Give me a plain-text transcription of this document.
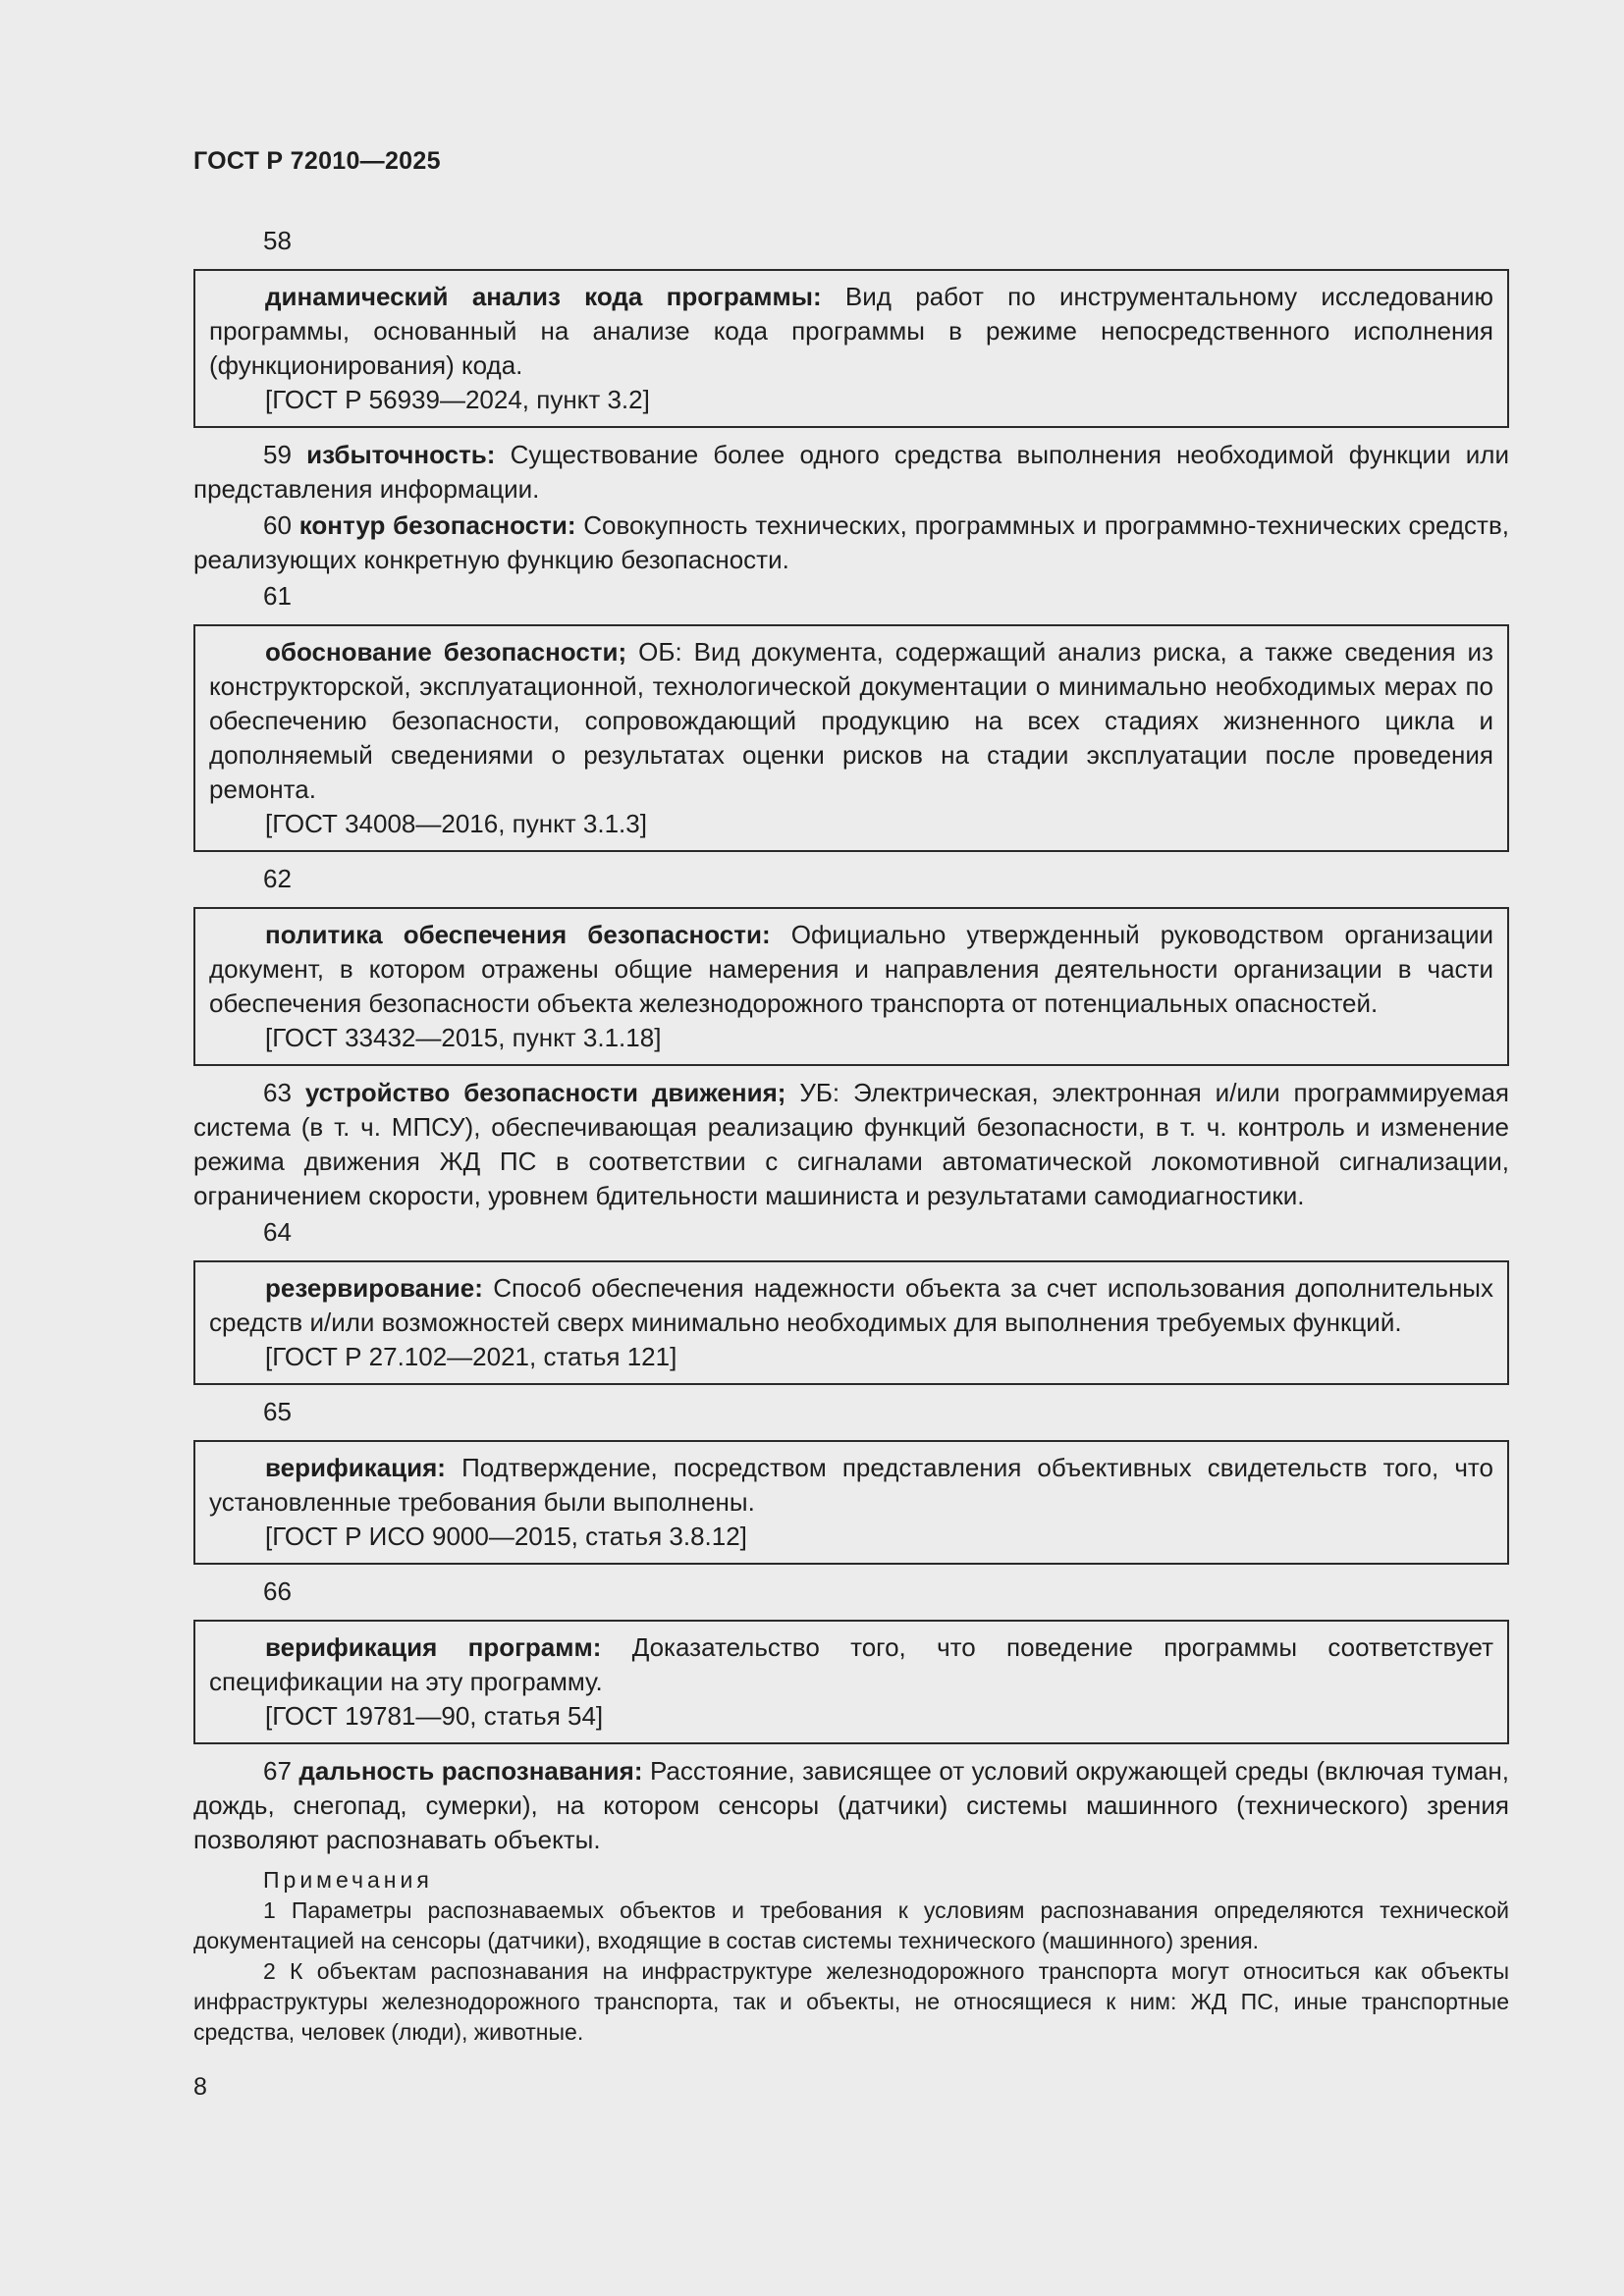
ГОСТ Р 72010—2025
58

динамический анализ кода программы: Вид работ по инструментальному исследованию программы, основанный на анализе кода программы в режиме непосредственного исполнения (функционирования) кода.

[ГОСТ Р 56939—2024, пункт 3.2]

59 избыточность: Существование более одного средства выполнения необходимой функции или представления информации.

60 контур безопасности: Совокупность технических, программных и программно-технических средств, реализующих конкретную функцию безопасности.

61

обоснование безопасности; ОБ: Вид документа, содержащий анализ риска, а также сведения из конструкторской, эксплуатационной, технологической документации о минимально необходимых мерах по обеспечению безопасности, сопровождающий продукцию на всех стадиях жизненного цикла и дополняемый сведениями о результатах оценки рисков на стадии эксплуатации после проведения ремонта.

[ГОСТ 34008—2016, пункт 3.1.3]
62

политика обеспечения безопасности: Официально утвержденный руководством организации документ, в котором отражены общие намерения и направления деятельности организации в части обеспечения безопасности объекта железнодорожного транспорта от потенциальных опасностей.

[ГОСТ 33432—2015, пункт 3.1.18]

63 устройство безопасности движения; УБ: Электрическая, электронная и/или программируемая система (в т. ч. МПСУ), обеспечивающая реализацию функций безопасности, в т. ч. контроль и изменение режима движения ЖД ПС в соответствии с сигналами автоматической локомотивной сигнализации, ограничением скорости, уровнем бдительности машиниста и результатами самодиагностики.

64

резервирование: Способ обеспечения надежности объекта за счет использования дополнительных средств и/или возможностей сверх минимально необходимых для выполнения требуемых функций.

[ГОСТ Р 27.102—2021, статья 121]
65

верификация: Подтверждение, посредством представления объективных свидетельств того, что установленные требования были выполнены.

[ГОСТ Р ИСО 9000—2015, статья 3.8.12]
66

верификация программ: Доказательство того, что поведение программы соответствует спецификации на эту программу.

[ГОСТ 19781—90, статья 54]

67 дальность распознавания: Расстояние, зависящее от условий окружающей среды (включая туман, дождь, снегопад, сумерки), на котором сенсоры (датчики) системы машинного (технического) зрения позволяют распознавать объекты.

Примечания

1 Параметры распознаваемых объектов и требования к условиям распознавания определяются технической документацией на сенсоры (датчики), входящие в состав системы технического (машинного) зрения.

2 К объектам распознавания на инфраструктуре железнодорожного транспорта могут относиться как объекты инфраструктуры железнодорожного транспорта, так и объекты, не относящиеся к ним: ЖД ПС, иные транспортные средства, человек (люди), животные.

8
